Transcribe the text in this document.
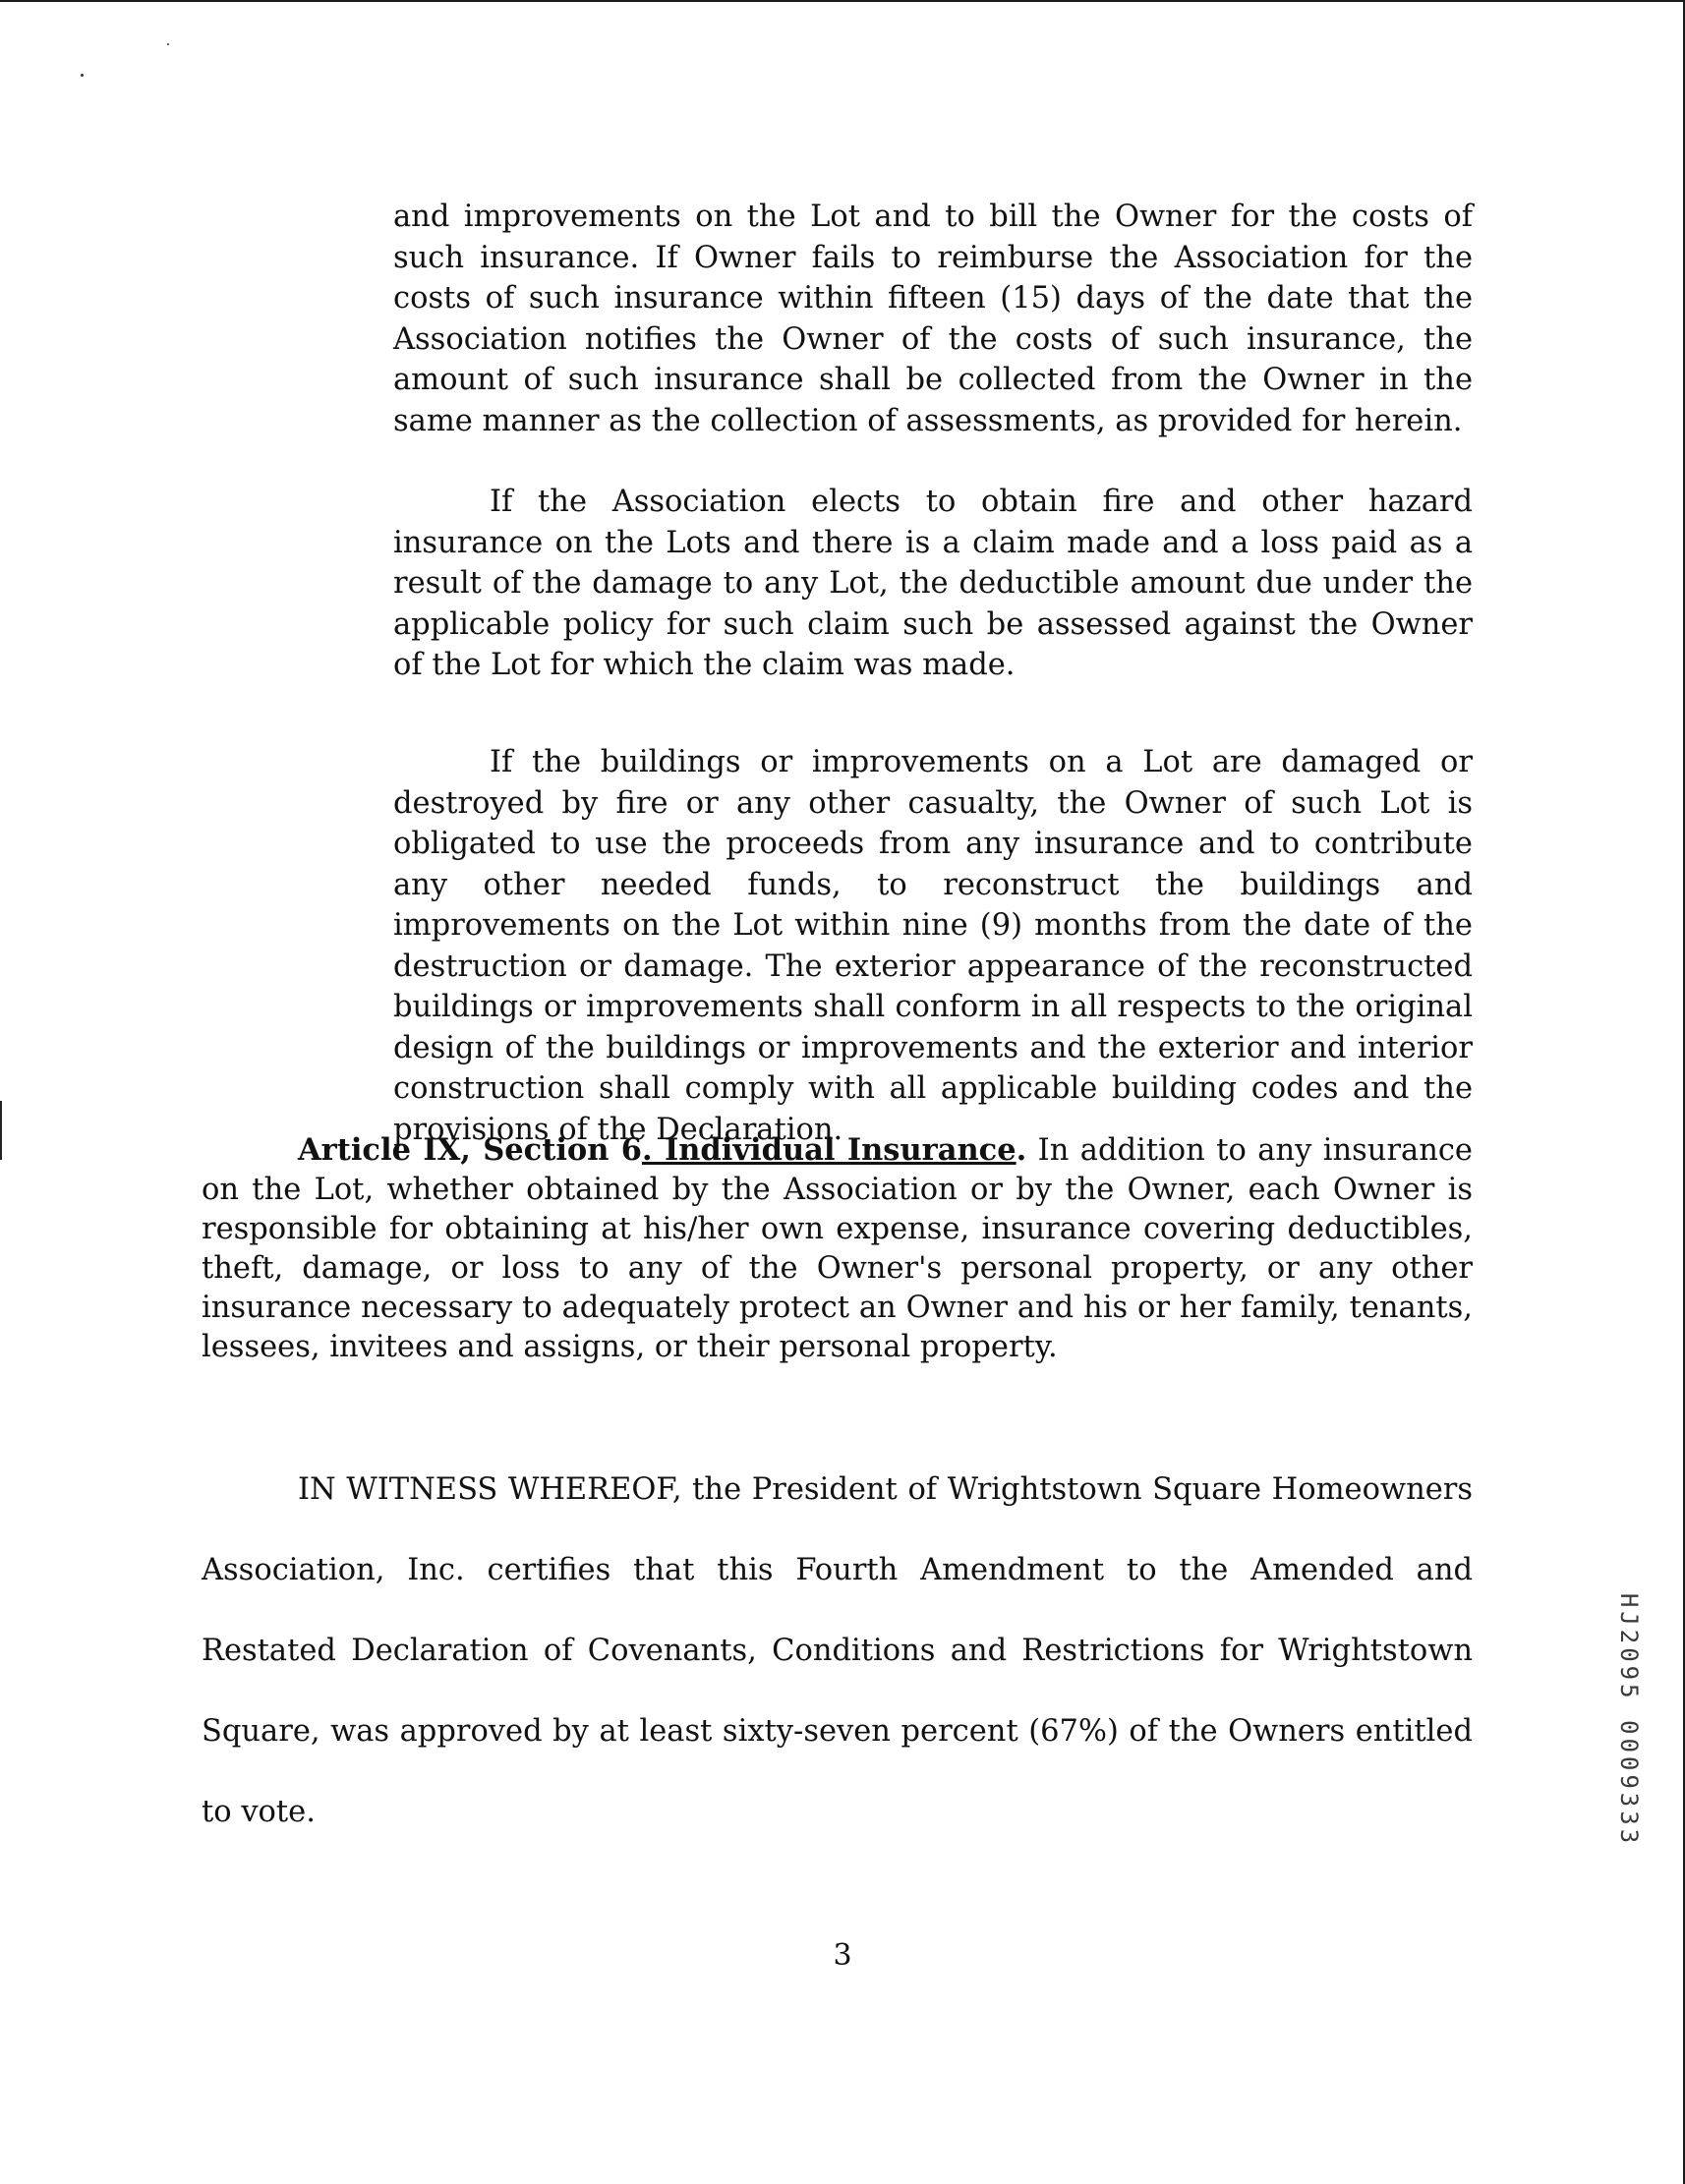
and improvements on the Lot and to bill the Owner for the costs of such insurance. If Owner fails to reimburse the Association for the costs of such insurance within fifteen (15) days of the date that the Association notifies the Owner of the costs of such insurance, the amount of such insurance shall be collected from the Owner in the same manner as the collection of assessments, as provided for herein.
If the Association elects to obtain fire and other hazard insurance on the Lots and there is a claim made and a loss paid as a result of the damage to any Lot, the deductible amount due under the applicable policy for such claim such be assessed against the Owner of the Lot for which the claim was made.
If the buildings or improvements on a Lot are damaged or destroyed by fire or any other casualty, the Owner of such Lot is obligated to use the proceeds from any insurance and to contribute any other needed funds, to reconstruct the buildings and improvements on the Lot within nine (9) months from the date of the destruction or damage. The exterior appearance of the reconstructed buildings or improvements shall conform in all respects to the original design of the buildings or improvements and the exterior and interior construction shall comply with all applicable building codes and the provisions of the Declaration.
Article IX, Section 6. Individual Insurance. In addition to any insurance on the Lot, whether obtained by the Association or by the Owner, each Owner is responsible for obtaining at his/her own expense, insurance covering deductibles, theft, damage, or loss to any of the Owner's personal property, or any other insurance necessary to adequately protect an Owner and his or her family, tenants, lessees, invitees and assigns, or their personal property.
IN WITNESS WHEREOF, the President of Wrightstown Square Homeowners Association, Inc. certifies that this Fourth Amendment to the Amended and Restated Declaration of Covenants, Conditions and Restrictions for Wrightstown Square, was approved by at least sixty-seven percent (67%) of the Owners entitled to vote.
3
HJ2095 0009333
